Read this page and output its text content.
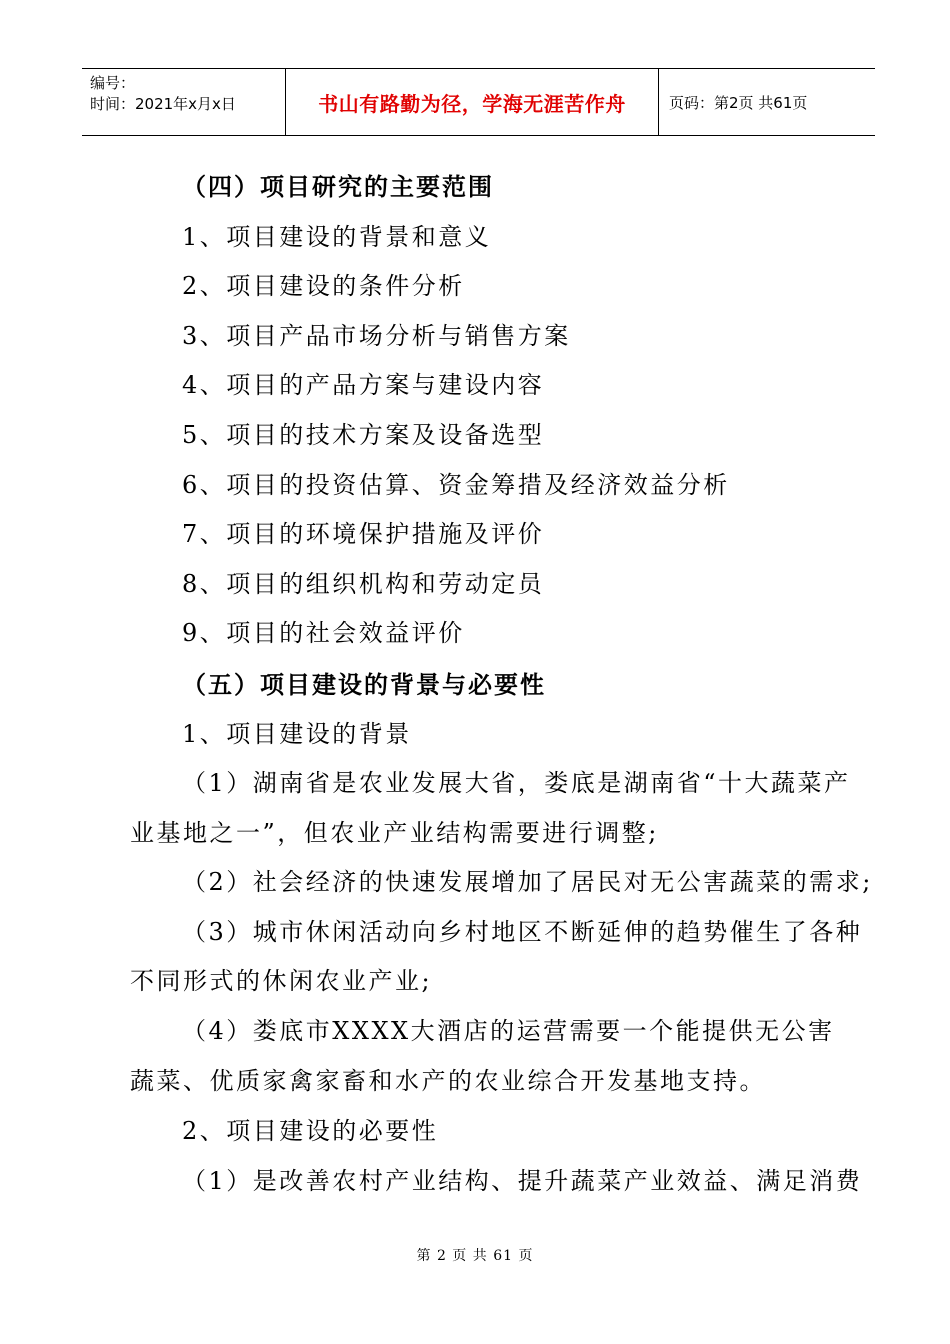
编号：
时间：2021年x月x日	书山有路勤为径，学海无涯苦作舟	页码：第2页 共61页
（四）项目研究的主要范围
1、项目建设的背景和意义
2、项目建设的条件分析
3、项目产品市场分析与销售方案
4、项目的产品方案与建设内容
5、项目的技术方案及设备选型
6、项目的投资估算、资金筹措及经济效益分析
7、项目的环境保护措施及评价
8、项目的组织机构和劳动定员
9、项目的社会效益评价
（五）项目建设的背景与必要性
1、项目建设的背景
（1）湖南省是农业发展大省，娄底是湖南省“十大蔬菜产
业基地之一”，但农业产业结构需要进行调整;
（2）社会经济的快速发展增加了居民对无公害蔬菜的需求;
（3）城市休闲活动向乡村地区不断延伸的趋势催生了各种
不同形式的休闲农业产业;
（4）娄底市XXXX大酒店的运营需要一个能提供无公害
蔬菜、优质家禽家畜和水产的农业综合开发基地支持。
2、项目建设的必要性
（1）是改善农村产业结构、提升蔬菜产业效益、满足消费
第 2 页 共 61 页
